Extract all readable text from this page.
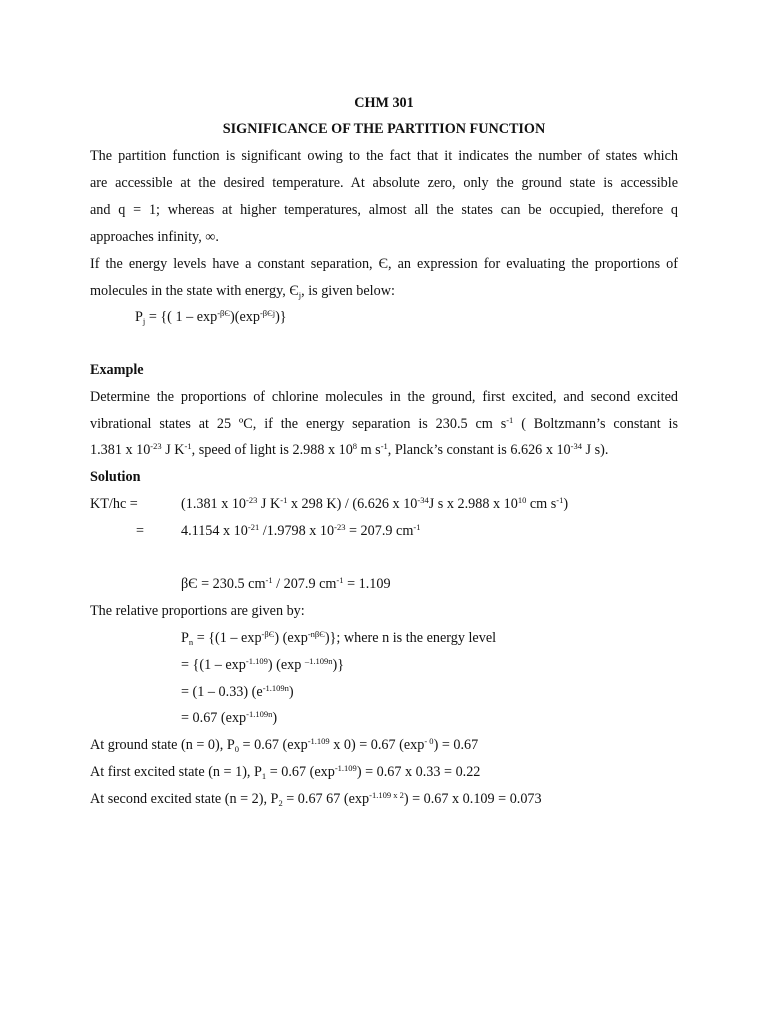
CHM 301
SIGNIFICANCE OF THE PARTITION FUNCTION
The partition function is significant owing to the fact that it indicates the number of states which
are accessible at the desired temperature. At absolute zero, only the ground state is accessible
and q = 1; whereas at higher temperatures, almost all the states can be occupied, therefore q
approaches infinity, ∞.
If the energy levels have a constant separation, Є, an expression for evaluating the proportions of
molecules in the state with energy, $Є_j$, is given below:
$P_j$ = {( $1 - \exp^{-\beta Є})(\exp^{-\beta Єj})$}
Example
Determine the proportions of chlorine molecules in the ground, first excited, and second excited
vibrational states at 25 ºC, if the energy separation is 230.5 cm $s^{-1}$ ( Boltzmann’s constant is
1.381 x $10^{-23}$ J $K^{-1}$, speed of light is 2.988 x $10^8$ m $s^{-1}$, Planck’s constant is 6.626 x $10^{-34}$ J s).
Solution
KT/hc =	(1.381 x $10^{-23}$ J $K^{-1}$ x 298 K) / (6.626 x $10^{-34}J$ s x 2.988 x $10^{10}$ cm $s^{-1}$)
=	4.1154 x $10^{-21}$ /1.9798 x $10^{-23} = 207.9$ $cm^{-1}$
βЄ = 230.5 $cm^{-1} / 207.9$ $cm^{-1} = 1.109$
The relative proportions are given by:
$P_n = \{(1 - \exp^{-\beta Є})$ $(\exp^{-n\beta Є})$}; where n is the energy level
= {$(1 - \exp^{-1.109})$ (exp $^{-1.109n}$)}
= (1 – 0.33) $(e^{-1.109n})$
= 0.67 $(\exp^{-1.109n})$
At ground state (n = 0), $P_0 = 0.67$ ($\exp^{-1.109}$ x 0) = 0.67 $(\exp^{- 0}) = 0.67$
At first excited state (n = 1), $P_1 = 0.67$ $(\exp^{-1.109}) = 0.67$ x 0.33 = 0.22
At second excited state (n = 2), $P_2 = 0.67$ 67 $(\exp^{-1.109 x 2}) = 0.67$ x 0.109 = 0.073
